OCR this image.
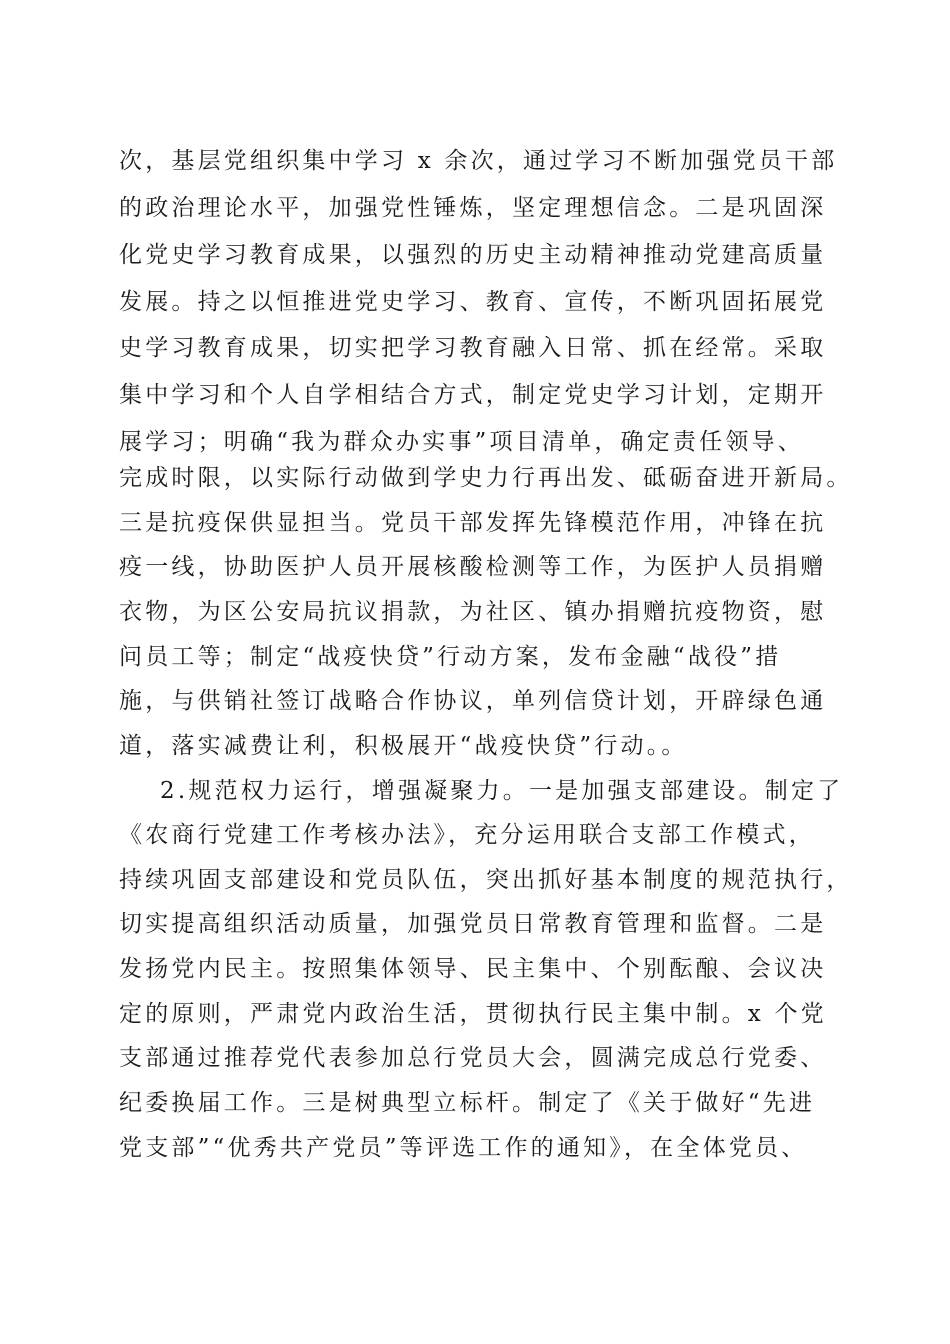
次，基层党组织集中学习 x 余次，通过学习不断加强党员干部
的政治理论水平，加强党性锤炼，坚定理想信念。二是巩固深
化党史学习教育成果，以强烈的历史主动精神推动党建高质量
发展。持之以恒推进党史学习、教育、宣传，不断巩固拓展党
史学习教育成果，切实把学习教育融入日常、抓在经常。采取
集中学习和个人自学相结合方式，制定党史学习计划，定期开
展学习；明确“我为群众办实事”项目清单，确定责任领导、
完成时限，以实际行动做到学史力行再出发、砥砺奋进开新局。
三是抗疫保供显担当。党员干部发挥先锋模范作用，冲锋在抗
疫一线，协助医护人员开展核酸检测等工作，为医护人员捐赠
衣物，为区公安局抗议捐款，为社区、镇办捐赠抗疫物资，慰
问员工等；制定“战疫快贷”行动方案，发布金融“战役”措
施，与供销社签订战略合作协议，单列信贷计划，开辟绿色通
道，落实减费让利，积极展开“战疫快贷”行动。。
2.规范权力运行，增强凝聚力。一是加强支部建设。制定了
《农商行党建工作考核办法》，充分运用联合支部工作模式，
持续巩固支部建设和党员队伍，突出抓好基本制度的规范执行，
切实提高组织活动质量，加强党员日常教育管理和监督。二是
发扬党内民主。按照集体领导、民主集中、个别酝酿、会议决
定的原则，严肃党内政治生活，贯彻执行民主集中制。x 个党
支部通过推荐党代表参加总行党员大会，圆满完成总行党委、
纪委换届工作。三是树典型立标杆。制定了《关于做好“先进
党支部”“优秀共产党员”等评选工作的通知》，在全体党员、
